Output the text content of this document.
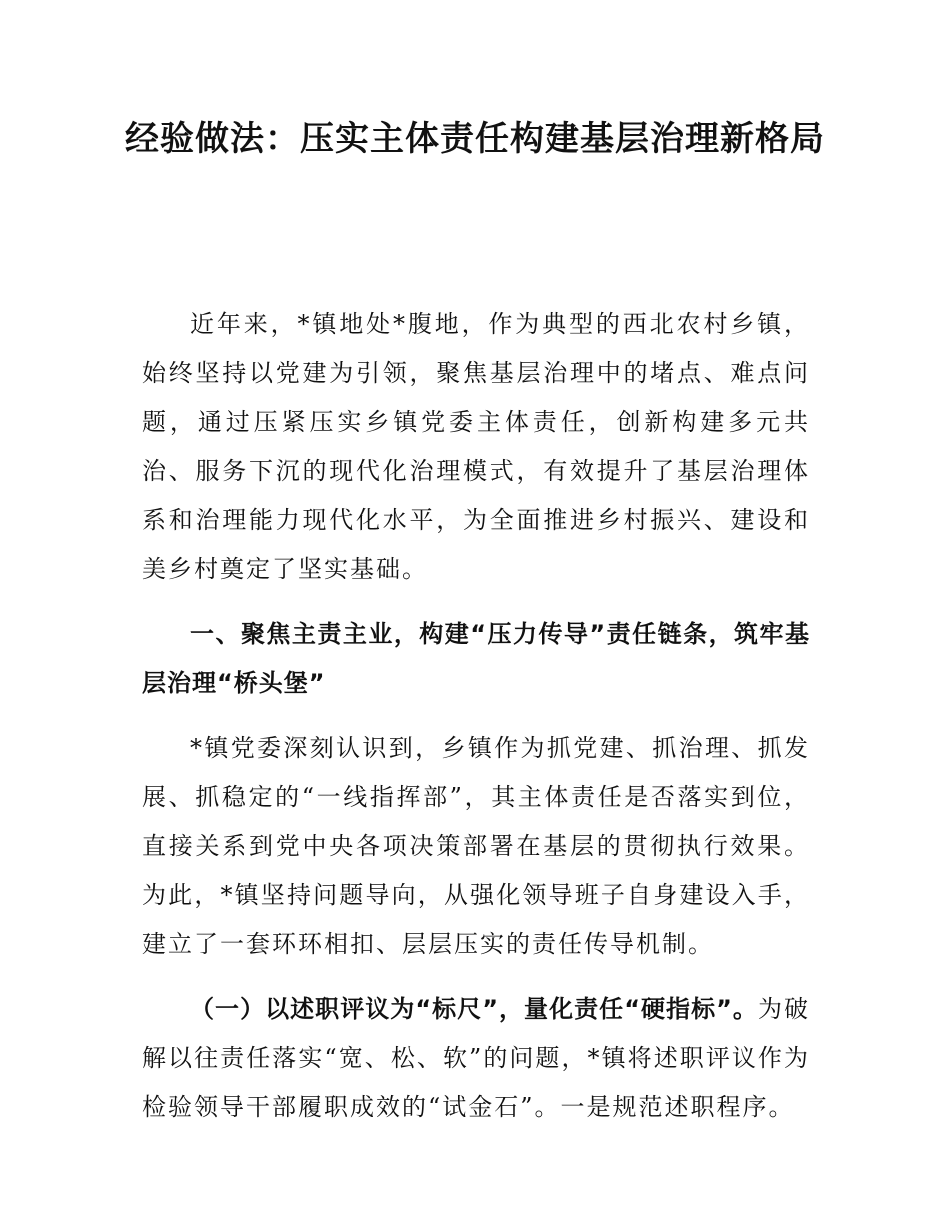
经验做法：压实主体责任构建基层治理新格局

近年来，*镇地处*腹地，作为典型的西北农村乡镇，始终坚持以党建为引领，聚焦基层治理中的堵点、难点问题，通过压紧压实乡镇党委主体责任，创新构建多元共治、服务下沉的现代化治理模式，有效提升了基层治理体系和治理能力现代化水平，为全面推进乡村振兴、建设和美乡村奠定了坚实基础。

一、聚焦主责主业，构建“压力传导”责任链条，筑牢基层治理“桥头堡”

*镇党委深刻认识到，乡镇作为抓党建、抓治理、抓发展、抓稳定的“一线指挥部”，其主体责任是否落实到位，直接关系到党中央各项决策部署在基层的贯彻执行效果。为此，*镇坚持问题导向，从强化领导班子自身建设入手，建立了一套环环相扣、层层压实的责任传导机制。

（一）以述职评议为“标尺”，量化责任“硬指标”。为破解以往责任落实“宽、松、软”的问题，*镇将述职评议作为检验领导干部履职成效的“试金石”。一是规范述职程序。
